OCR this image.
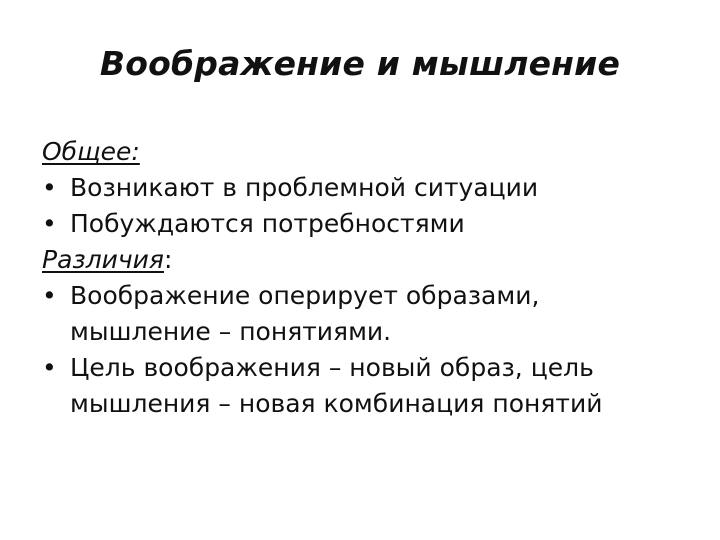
Воображение и мышление
Общее:
• Возникают в проблемной ситуации
• Побуждаются потребностями
Различия:
• Воображение оперирует образами, мышление – понятиями.
• Цель воображения – новый образ, цель мышления – новая комбинация понятий
